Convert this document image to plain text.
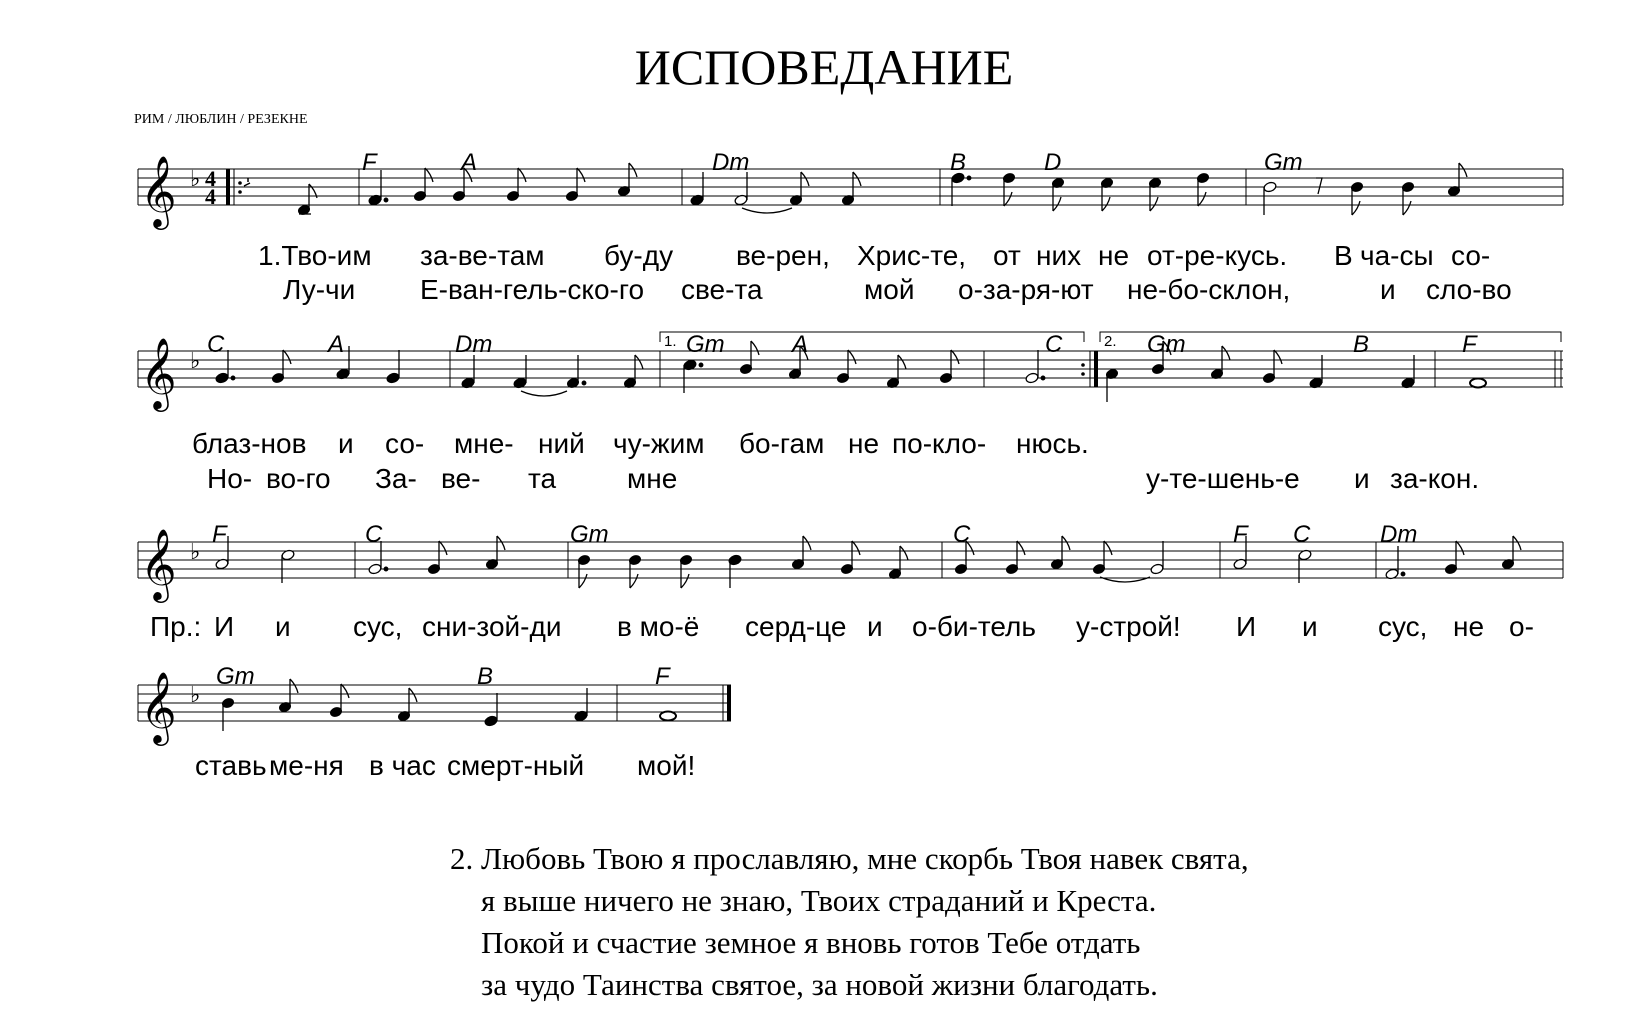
ИСПОВЕДАНИЕ
РИМ / ЛЮБЛИН / РЕЗЕКНЕ
𝄞 ♭ 4
4
F	A	Dm	B	D	Gm
1.Тво-им за-ве-там бу-ду ве-рен, Хрис-те, от них не от-ре-кусь. В ча-сы со-
Лу-чи Е-ван-гель-ско-го све-та	мой о-за-ря-ют не-бо-склон,	и сло-во
𝄞 ♭
1.	2.
C	A	Dm	Gm	A	C	Gm	B	F
блаз-нов и со- мне- ний чу-жим бо-гам не по-кло- нюсь.
Но- во-го За- ве- та	мне	у-те-шень-е и за-кон.
𝄞 ♭
F	C	Gm	C	F C	Dm
Пр.: И и сус, сни-зой-ди в мо-ё серд-це и о-би-тель у-строй! И и сус, не о-
𝄞 ♭
Gm	B	F
ставь ме-ня в час смерт-ный мой!
2. Любовь Твою я прославляю, мне скорбь Твоя навек свята,
я выше ничего не знаю, Твоих страданий и Креста.
Покой и счастие земное я вновь готов Тебе отдать
за чудо Таинства святое, за новой жизни благодать.
